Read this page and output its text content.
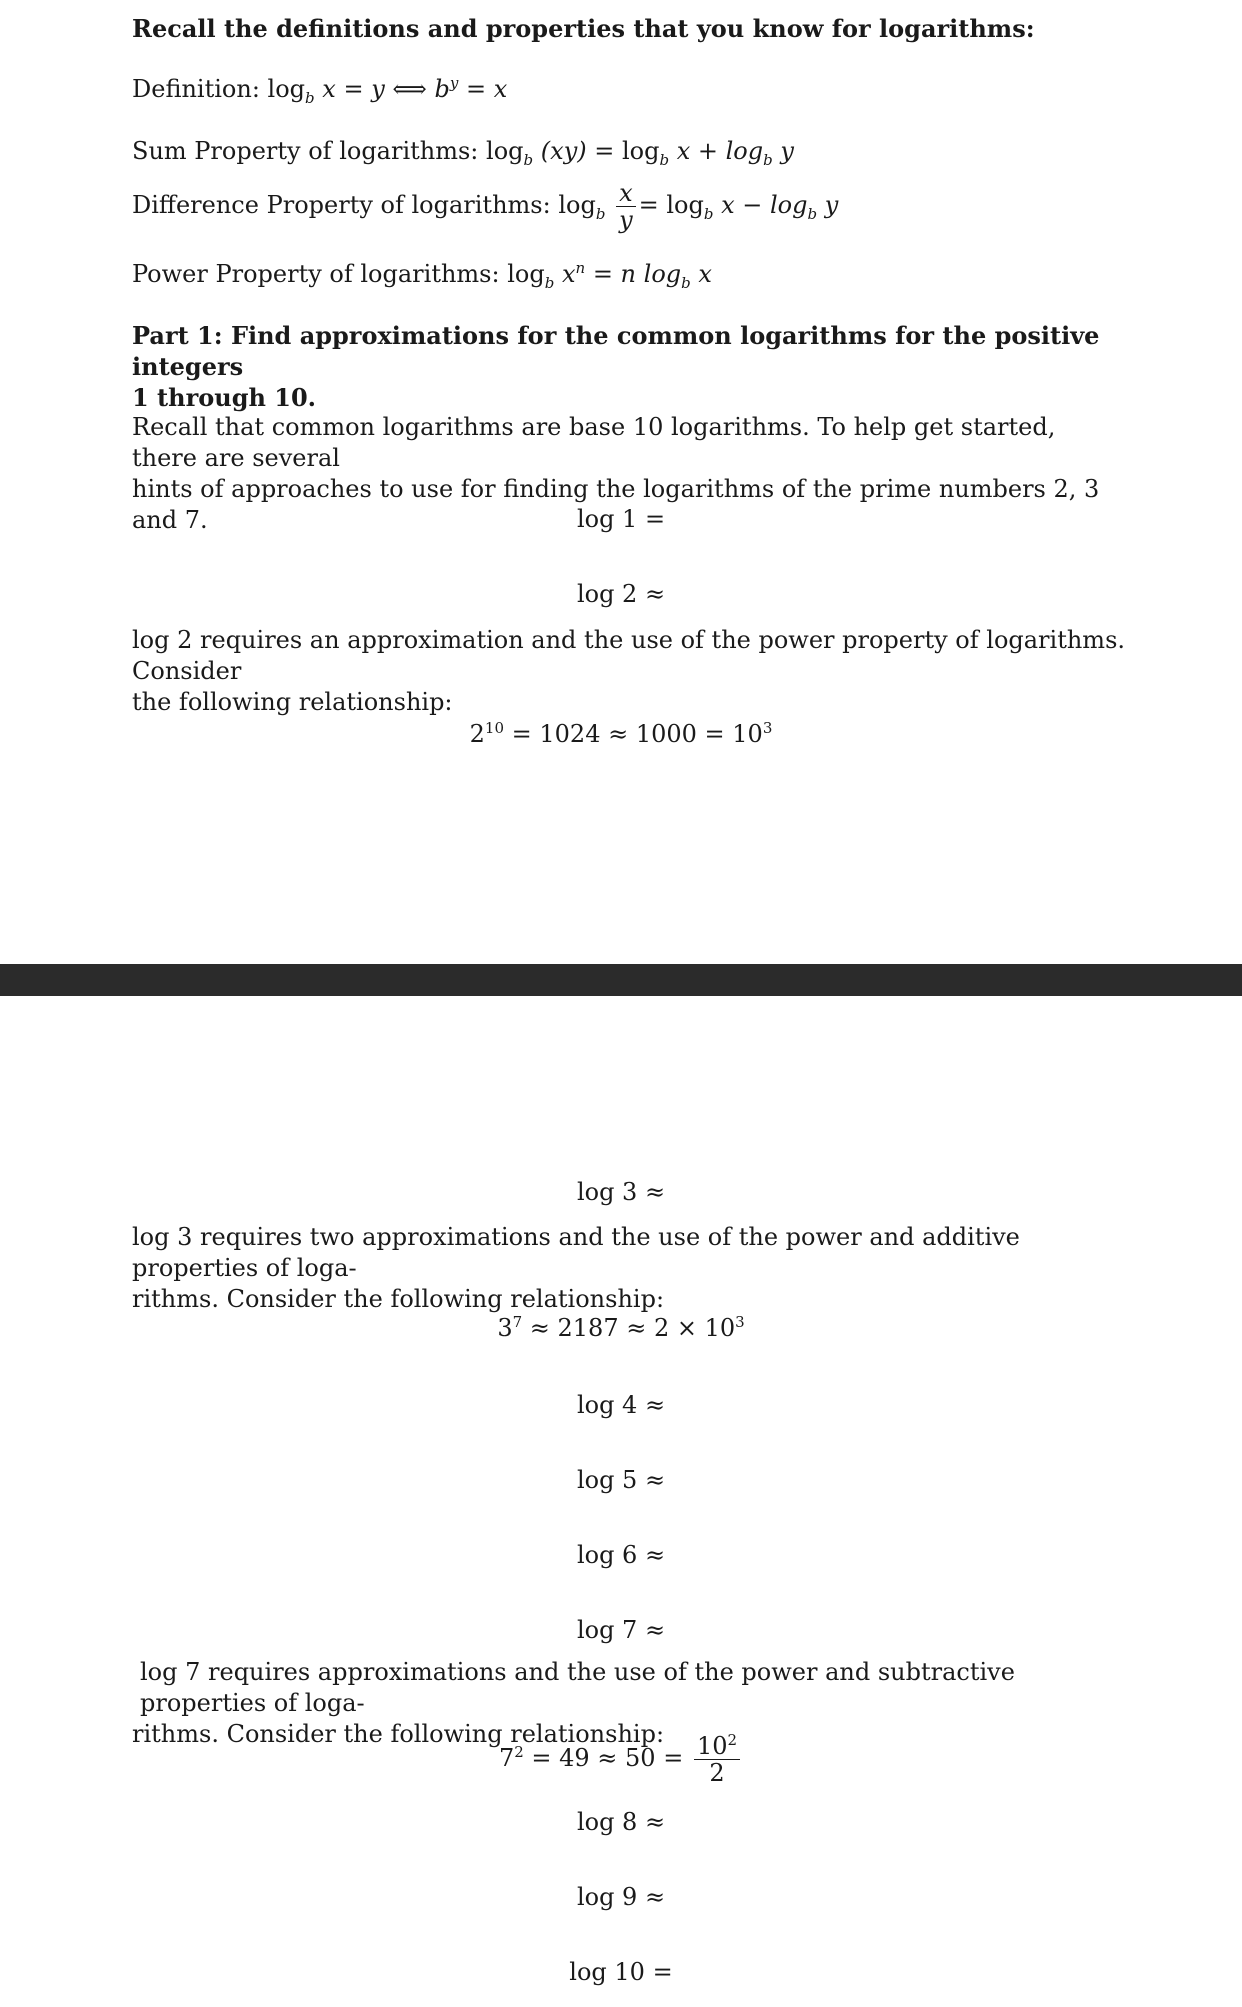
Recall the definitions and properties that you know for logarithms:
Definition: $\log_b x = y$ ⟺ $b^y = x$
Sum Property of logarithms: $\log_b (xy) = \log_b x + \log_b y$
Difference Property of logarithms: $\log_b \frac{x}{y} = \log_b x - \log_b y$
Power Property of logarithms: $\log_b x^n = n$ $\log_b x$
Part 1: Find approximations for the common logarithms for the positive integers
1 through 10.
Recall that common logarithms are base 10 logarithms. To help get started, there are several
hints of approaches to use for finding the logarithms of the prime numbers 2, 3 and 7.	log 1 =
log 2 ≈
log 2 requires an approximation and the use of the power property of logarithms. Consider
the following relationship:
$2^{10} = 1024 \approx 1000 = 10^3$
log 3 ≈
log 3 requires two approximations and the use of the power and additive properties of loga-
rithms. Consider the following relationship:
$3^7 \approx 2187 \approx 2 \times 10^3$
log 4 ≈
log 5 ≈
log 6 ≈
log 7 ≈
log 7 requires approximations and the use of the power and subtractive properties of loga-
rithms. Consider the following relationship:
$7^2 = 49 \approx 50 = \frac{10^2}{2}$
log 8 ≈
log 9 ≈
log 10 =
